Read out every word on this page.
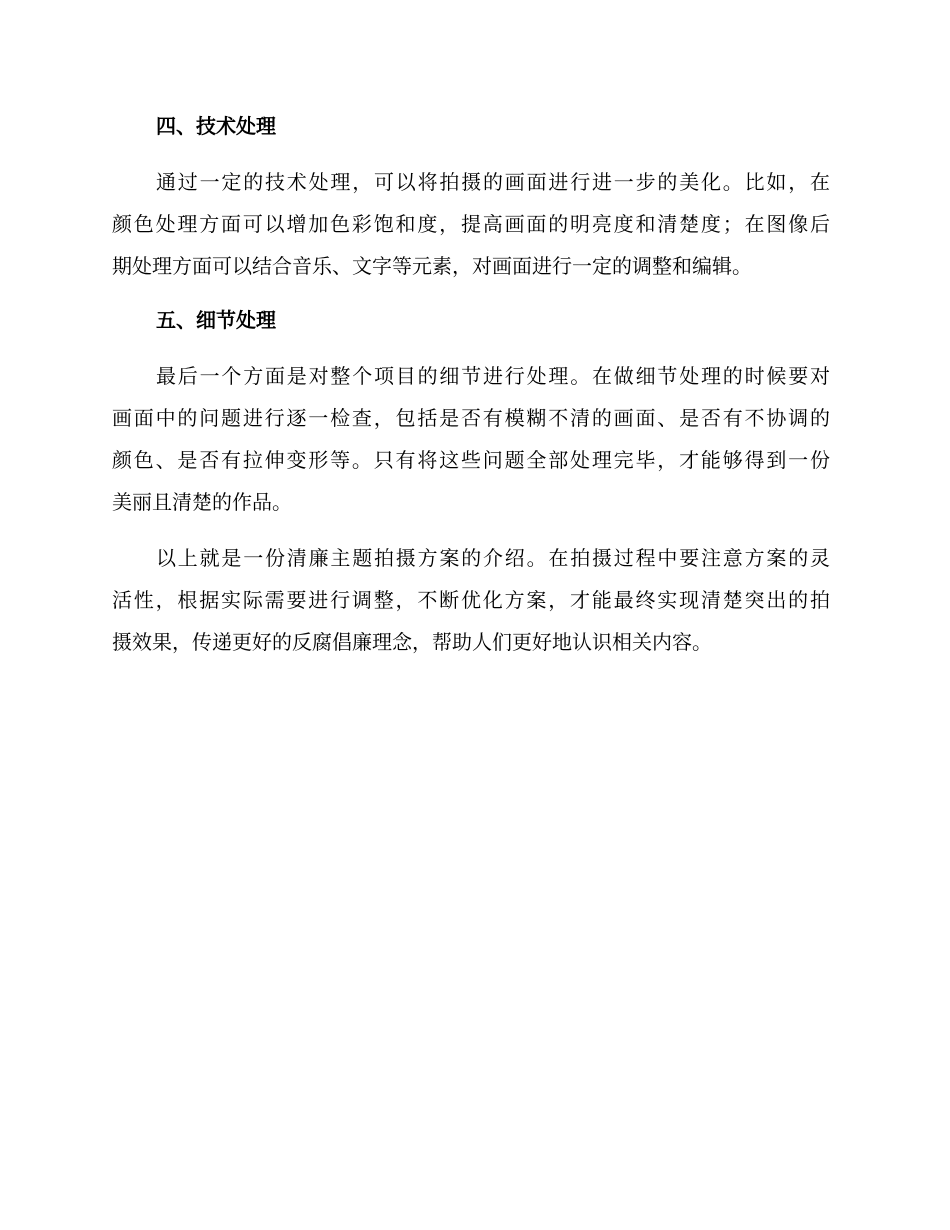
四、技术处理
通过一定的技术处理，可以将拍摄的画面进行进一步的美化。比如，在
颜色处理方面可以增加色彩饱和度，提高画面的明亮度和清楚度；在图像后
期处理方面可以结合音乐、文字等元素，对画面进行一定的调整和编辑。
五、细节处理
最后一个方面是对整个项目的细节进行处理。在做细节处理的时候要对
画面中的问题进行逐一检查，包括是否有模糊不清的画面、是否有不协调的
颜色、是否有拉伸变形等。只有将这些问题全部处理完毕，才能够得到一份
美丽且清楚的作品。
以上就是一份清廉主题拍摄方案的介绍。在拍摄过程中要注意方案的灵
活性，根据实际需要进行调整，不断优化方案，才能最终实现清楚突出的拍
摄效果，传递更好的反腐倡廉理念，帮助人们更好地认识相关内容。
